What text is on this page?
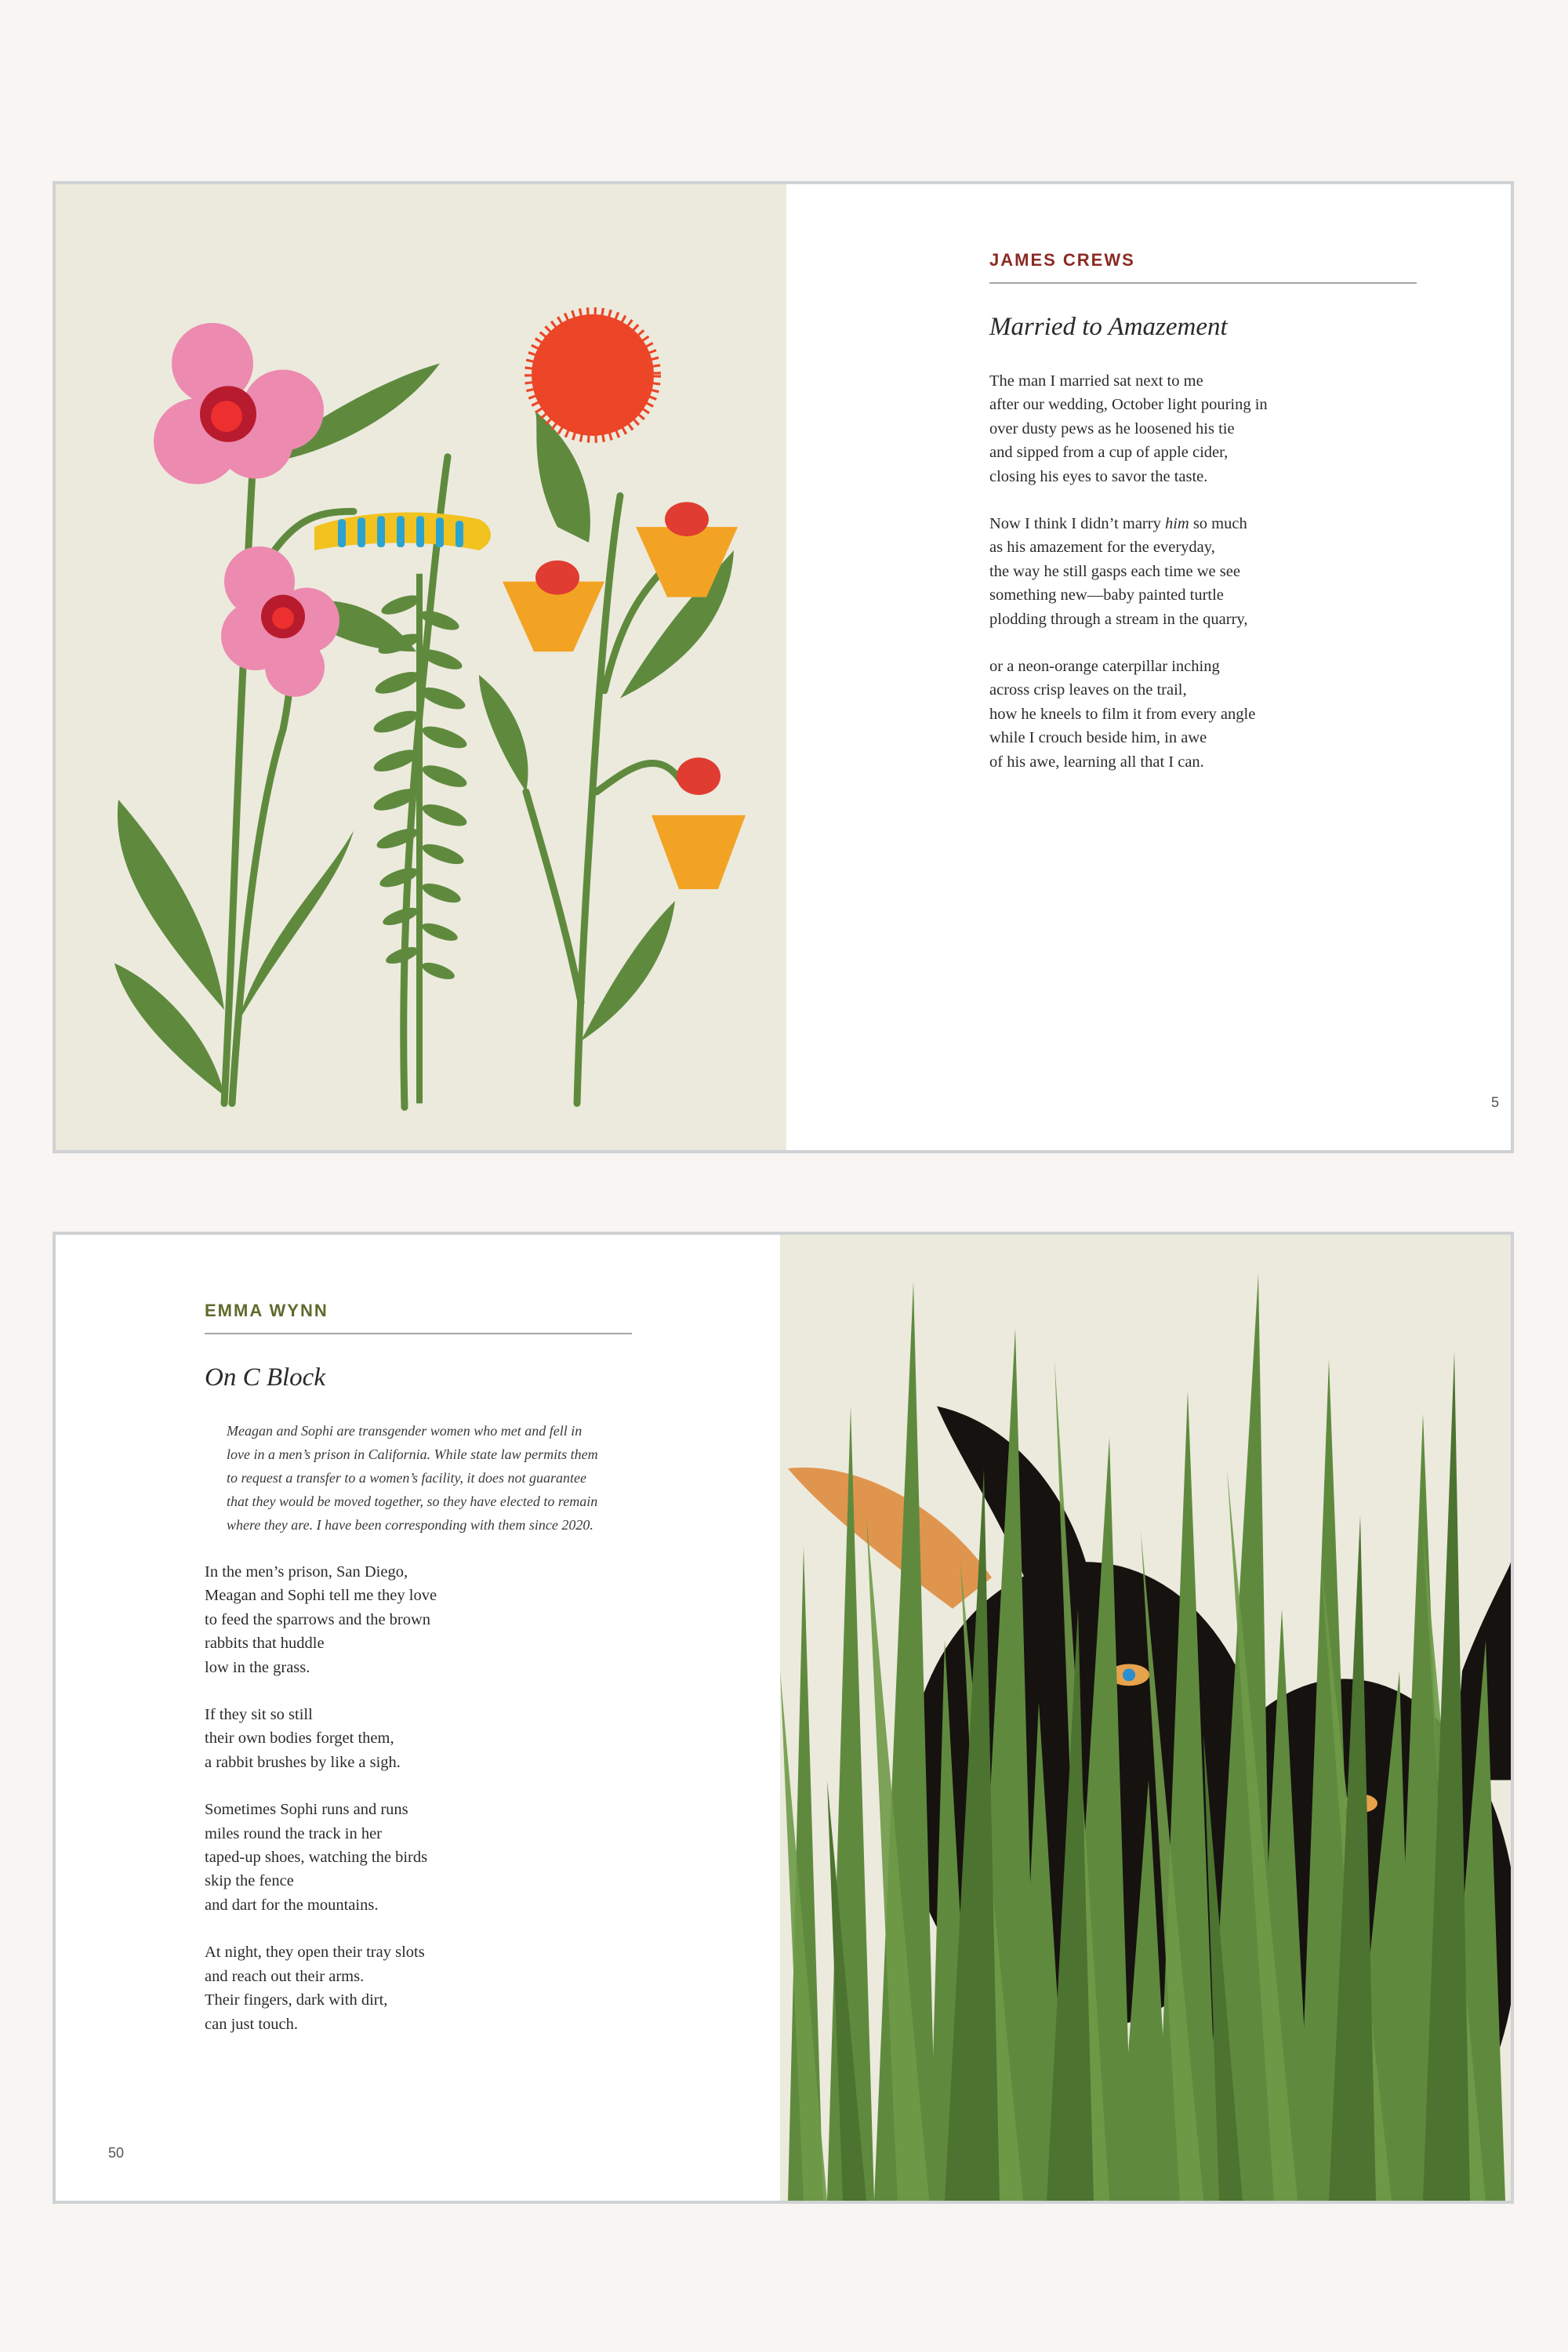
JAMES CREWS
Married to Amazement
The man I married sat next to me
after our wedding, October light pouring in
over dusty pews as he loosened his tie
and sipped from a cup of apple cider,
closing his eyes to savor the taste.
Now I think I didn’t marry him so much
as his amazement for the everyday,
the way he still gasps each time we see
something new—baby painted turtle
plodding through a stream in the quarry,
or a neon-orange caterpillar inching
across crisp leaves on the trail,
how he kneels to film it from every angle
while I crouch beside him, in awe
of his awe, learning all that I can.
5
EMMA WYNN
On C Block
Meagan and Sophi are transgender women who met and fell in
love in a men’s prison in California. While state law permits them
to request a transfer to a women’s facility, it does not guarantee
that they would be moved together, so they have elected to remain
where they are. I have been corresponding with them since 2020.
In the men’s prison, San Diego,
Meagan and Sophi tell me they love
to feed the sparrows and the brown
rabbits that huddle
low in the grass.
If they sit so still
their own bodies forget them,
a rabbit brushes by like a sigh.
Sometimes Sophi runs and runs
miles round the track in her
taped-up shoes, watching the birds
skip the fence
and dart for the mountains.
At night, they open their tray slots
and reach out their arms.
Their fingers, dark with dirt,
can just touch.
50
